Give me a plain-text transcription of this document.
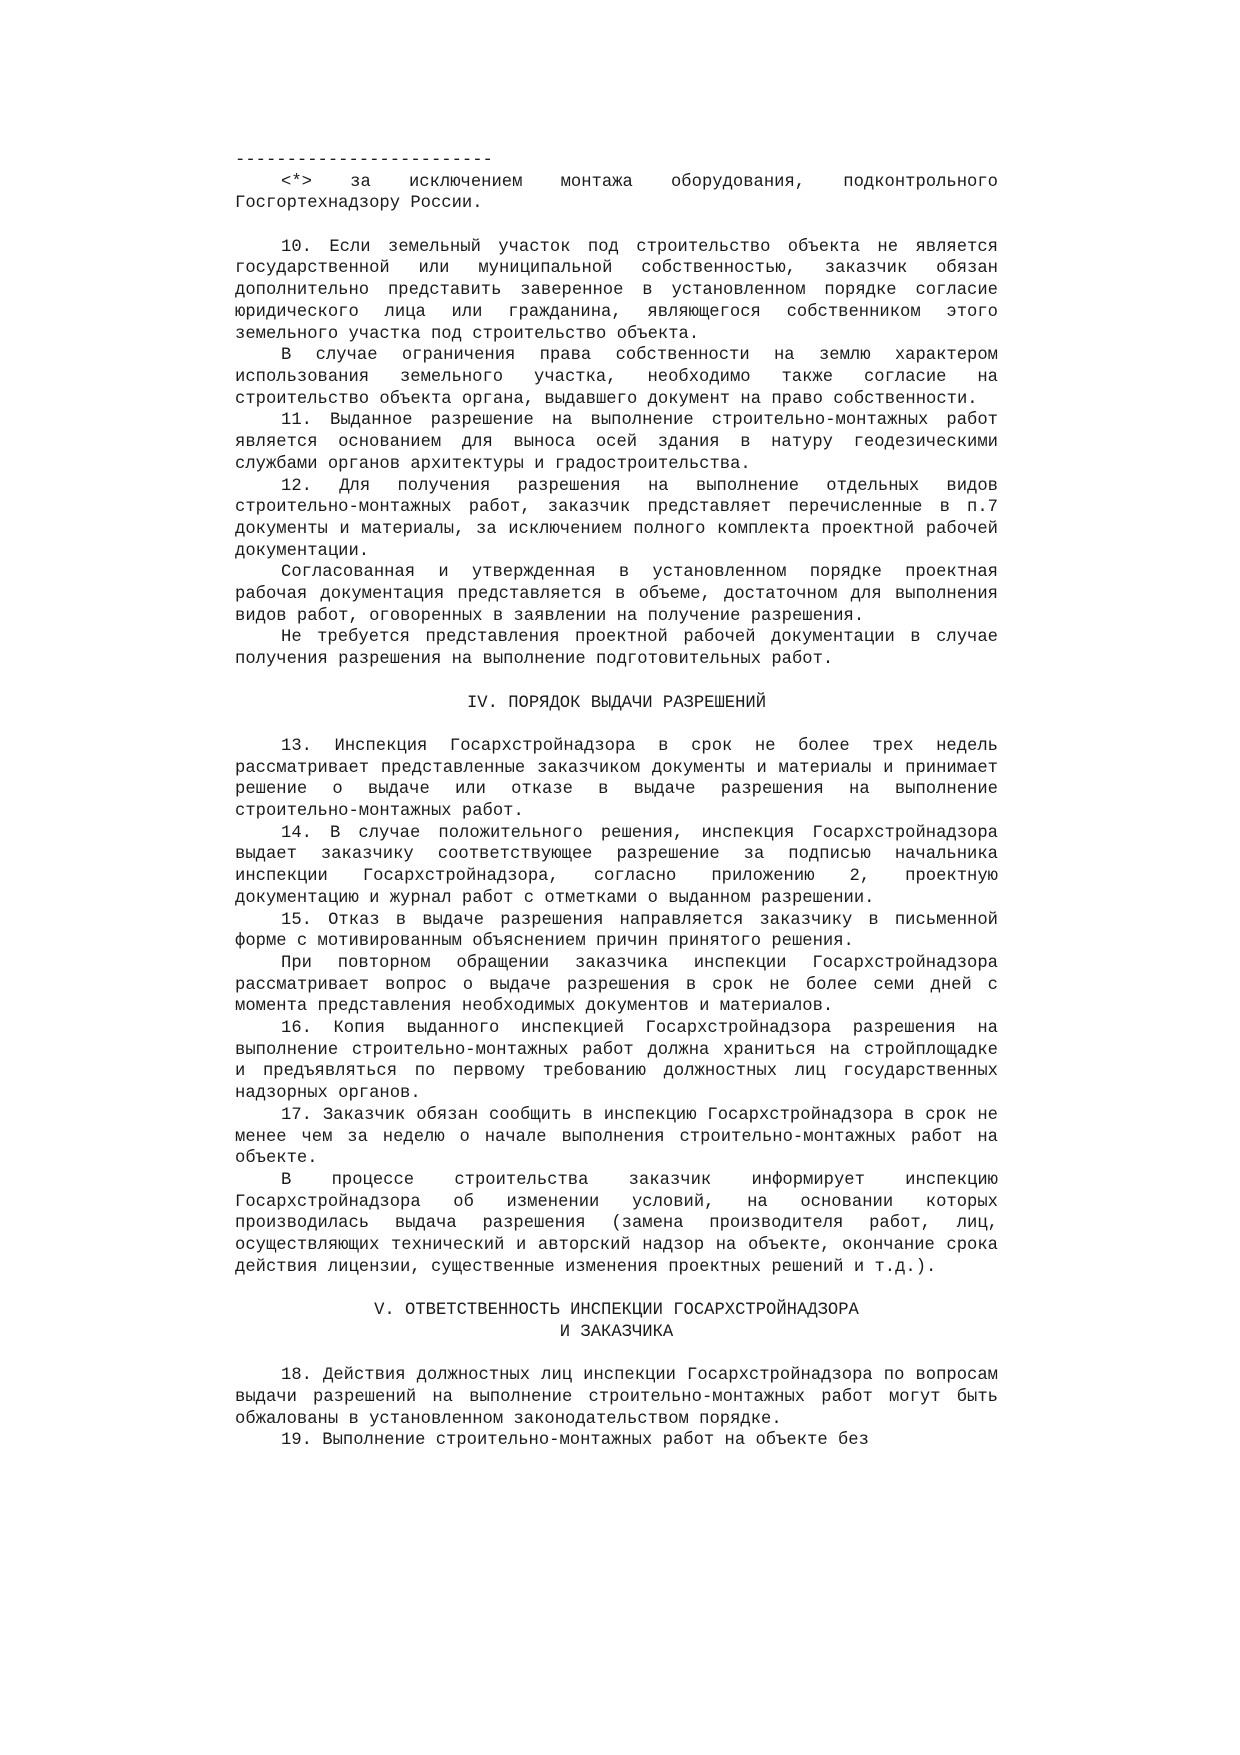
-------------------------

<*> за исключением монтажа оборудования, подконтрольного Госгортехнадзору России.

10. Если земельный участок под строительство объекта не является государственной или муниципальной собственностью, заказчик обязан дополнительно представить заверенное в установленном порядке согласие юридического лица или гражданина, являющегося собственником этого земельного участка под строительство объекта.

В случае ограничения права собственности на землю характером использования земельного участка, необходимо также согласие на строительство объекта органа, выдавшего документ на право собственности.

11. Выданное разрешение на выполнение строительно-монтажных работ является основанием для выноса осей здания в натуру геодезическими службами органов архитектуры и градостроительства.

12. Для получения разрешения на выполнение отдельных видов строительно-монтажных работ, заказчик представляет перечисленные в п.7 документы и материалы, за исключением полного комплекта проектной рабочей документации.

Согласованная и утвержденная в установленном порядке проектная рабочая документация представляется в объеме, достаточном для выполнения видов работ, оговоренных в заявлении на получение разрешения.

Не требуется представления проектной рабочей документации в случае получения разрешения на выполнение подготовительных работ.

IV. ПОРЯДОК ВЫДАЧИ РАЗРЕШЕНИЙ

13. Инспекция Госархстройнадзора в срок не более трех недель рассматривает представленные заказчиком документы и материалы и принимает решение о выдаче или отказе в выдаче разрешения на выполнение строительно-монтажных работ.

14. В случае положительного решения, инспекция Госархстройнадзора выдает заказчику соответствующее разрешение за подписью начальника инспекции Госархстройнадзора, согласно приложению 2, проектную документацию и журнал работ с отметками о выданном разрешении.

15. Отказ в выдаче разрешения направляется заказчику в письменной форме с мотивированным объяснением причин принятого решения.

При повторном обращении заказчика инспекции Госархстройнадзора рассматривает вопрос о выдаче разрешения в срок не более семи дней с момента представления необходимых документов и материалов.

16. Копия выданного инспекцией Госархстройнадзора разрешения на выполнение строительно-монтажных работ должна храниться на стройплощадке и предъявляться по первому требованию должностных лиц государственных надзорных органов.

17. Заказчик обязан сообщить в инспекцию Госархстройнадзора в срок не менее чем за неделю о начале выполнения строительно-монтажных работ на объекте.

В процессе строительства заказчик информирует инспекцию Госархстройнадзора об изменении условий, на основании которых производилась выдача разрешения (замена производителя работ, лиц, осуществляющих технический и авторский надзор на объекте, окончание срока действия лицензии, существенные изменения проектных решений и т.д.).

V. ОТВЕТСТВЕННОСТЬ ИНСПЕКЦИИ ГОСАРХСТРОЙНАДЗОРА

И ЗАКАЗЧИКА

18. Действия должностных лиц инспекции Госархстройнадзора по вопросам выдачи разрешений на выполнение строительно-монтажных работ могут быть обжалованы в установленном законодательством порядке.

19. Выполнение строительно-монтажных работ на объекте без
